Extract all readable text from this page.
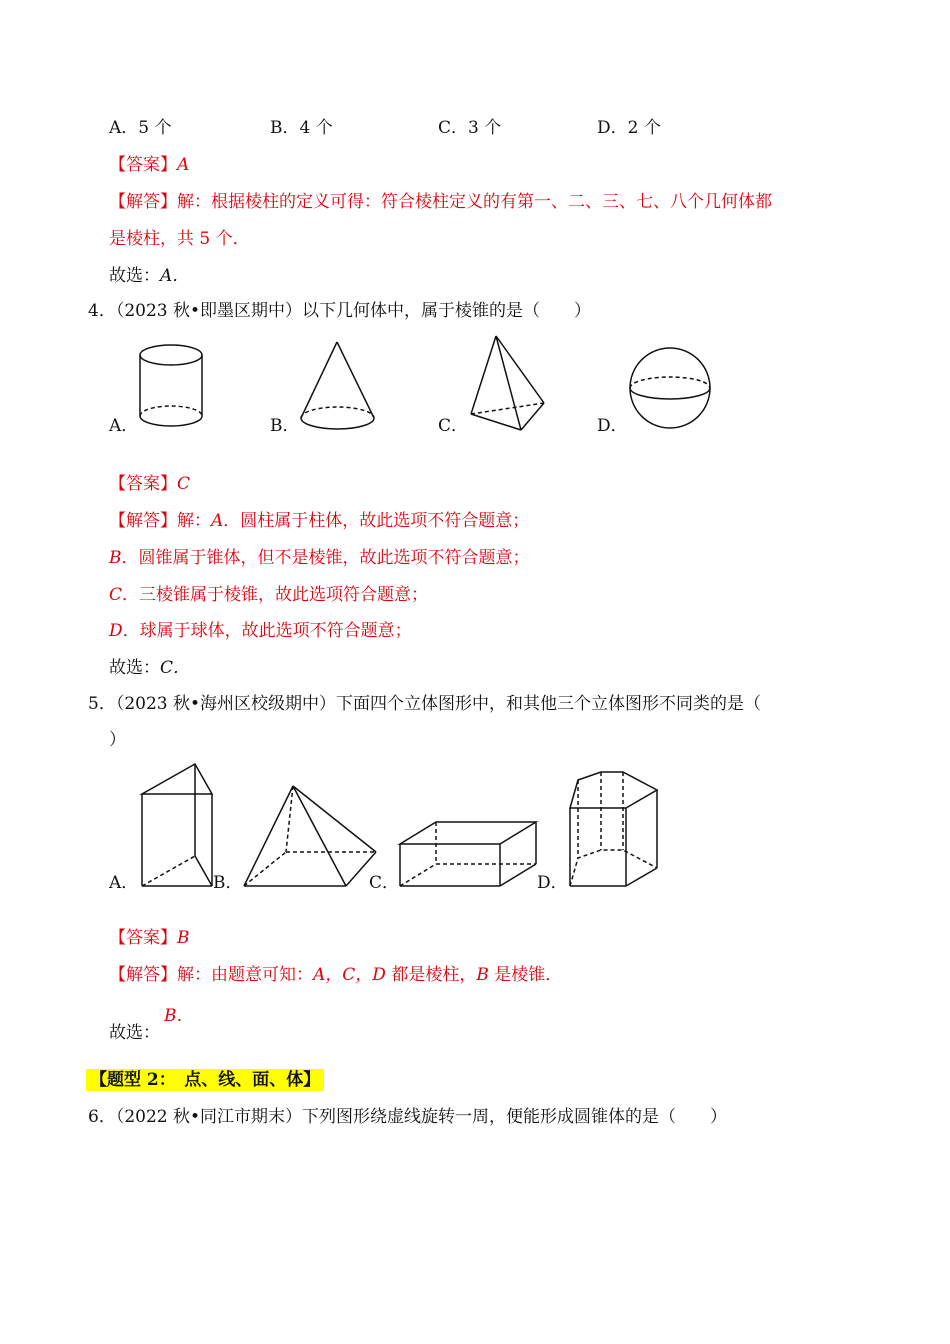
A．5 个	B．4 个	C．3 个	D．2 个
【答案】A
【解答】解：根据棱柱的定义可得：符合棱柱定义的有第一、二、三、七、八个几何体都
是棱柱，共 5 个．
故选：A．
4．（2023 秋•即墨区期中）以下几何体中，属于棱锥的是（　　）
A．	B．	C．	D．
【答案】C
【解答】解：A．圆柱属于柱体，故此选项不符合题意；
B．圆锥属于锥体，但不是棱锥，故此选项不符合题意；
C．三棱锥属于棱锥，故此选项符合题意；
D．球属于球体，故此选项不符合题意；
故选：C．
5．（2023 秋•海州区校级期中）下面四个立体图形中，和其他三个立体图形不同类的是（
）
A．	B．	C．	D．
【答案】B
【解答】解：由题意可知：A，C，D 都是棱柱，B 是棱锥．
故选：
B．
【题型 2：　点、线、面、体】
6．（2022 秋•同江市期末）下列图形绕虚线旋转一周，便能形成圆锥体的是（　　）
